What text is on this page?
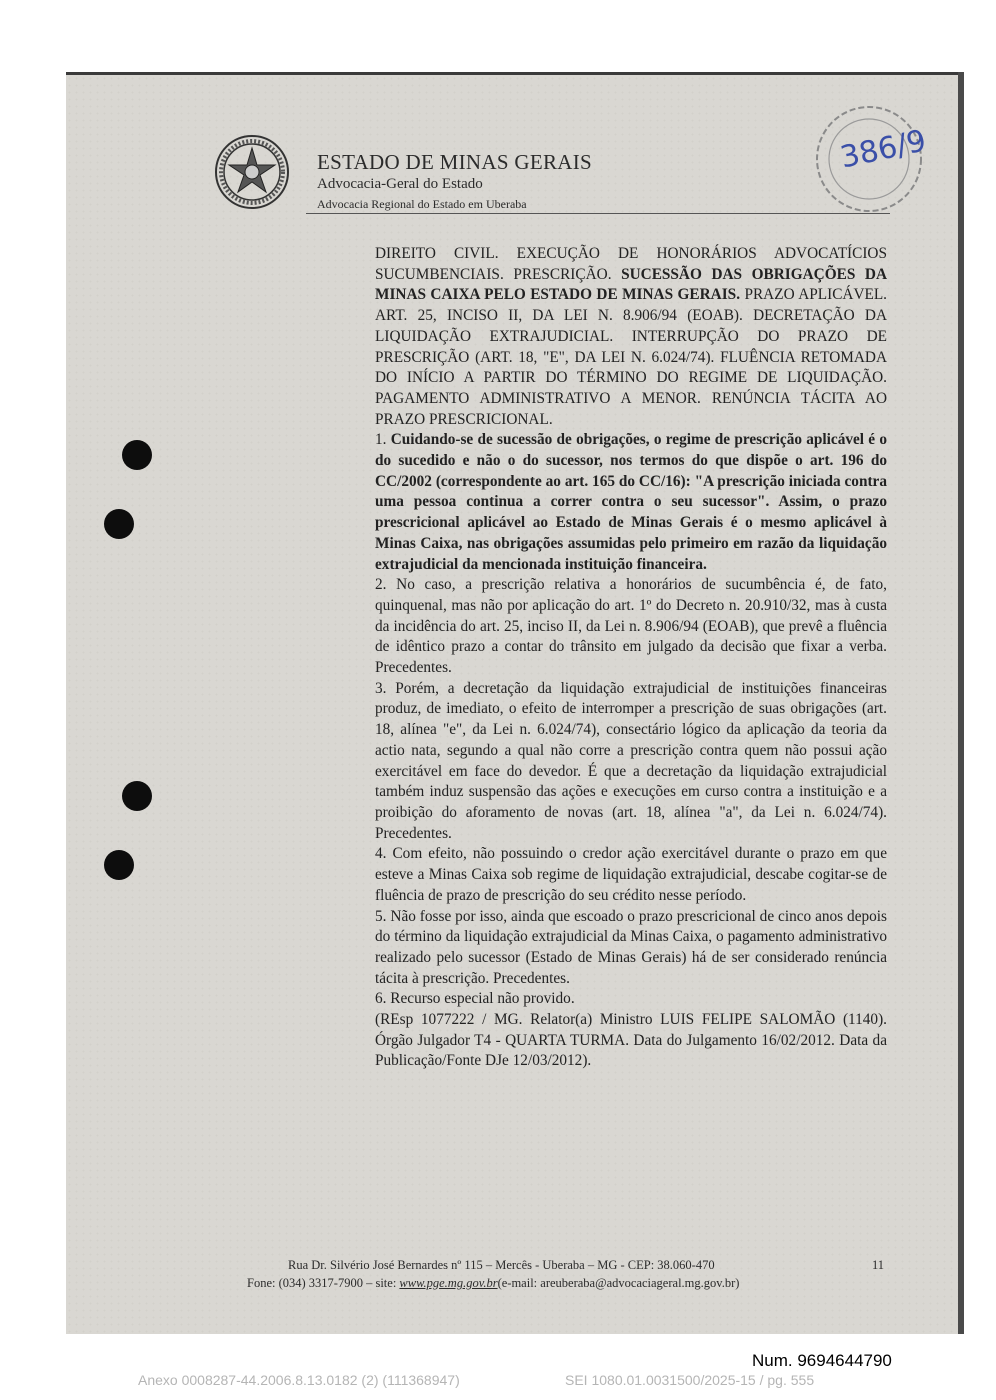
ESTADO DE MINAS GERAIS
Advocacia-Geral do Estado
Advocacia Regional do Estado em Uberaba
386/9

DIREITO CIVIL. EXECUÇÃO DE HONORÁRIOS ADVOCATÍCIOS SUCUMBENCIAIS. PRESCRIÇÃO. SUCESSÃO DAS OBRIGAÇÕES DA MINAS CAIXA PELO ESTADO DE MINAS GERAIS. PRAZO APLICÁVEL. ART. 25, INCISO II, DA LEI N. 8.906/94 (EOAB). DECRETAÇÃO DA LIQUIDAÇÃO EXTRAJUDICIAL. INTERRUPÇÃO DO PRAZO DE PRESCRIÇÃO (ART. 18, "E", DA LEI N. 6.024/74). FLUÊNCIA RETOMADA DO INÍCIO A PARTIR DO TÉRMINO DO REGIME DE LIQUIDAÇÃO. PAGAMENTO ADMINISTRATIVO A MENOR. RENÚNCIA TÁCITA AO PRAZO PRESCRICIONAL.

1. Cuidando-se de sucessão de obrigações, o regime de prescrição aplicável é o do sucedido e não o do sucessor, nos termos do que dispõe o art. 196 do CC/2002 (correspondente ao art. 165 do CC/16): "A prescrição iniciada contra uma pessoa continua a correr contra o seu sucessor". Assim, o prazo prescricional aplicável ao Estado de Minas Gerais é o mesmo aplicável à Minas Caixa, nas obrigações assumidas pelo primeiro em razão da liquidação extrajudicial da mencionada instituição financeira.

2. No caso, a prescrição relativa a honorários de sucumbência é, de fato, quinquenal, mas não por aplicação do art. 1º do Decreto n. 20.910/32, mas à custa da incidência do art. 25, inciso II, da Lei n. 8.906/94 (EOAB), que prevê a fluência de idêntico prazo a contar do trânsito em julgado da decisão que fixar a verba. Precedentes.

3. Porém, a decretação da liquidação extrajudicial de instituições financeiras produz, de imediato, o efeito de interromper a prescrição de suas obrigações (art. 18, alínea "e", da Lei n. 6.024/74), consectário lógico da aplicação da teoria da actio nata, segundo a qual não corre a prescrição contra quem não possui ação exercitável em face do devedor. É que a decretação da liquidação extrajudicial também induz suspensão das ações e execuções em curso contra a instituição e a proibição do aforamento de novas (art. 18, alínea "a", da Lei n. 6.024/74). Precedentes.

4. Com efeito, não possuindo o credor ação exercitável durante o prazo em que esteve a Minas Caixa sob regime de liquidação extrajudicial, descabe cogitar-se de fluência de prazo de prescrição do seu crédito nesse período.

5. Não fosse por isso, ainda que escoado o prazo prescricional de cinco anos depois do término da liquidação extrajudicial da Minas Caixa, o pagamento administrativo realizado pelo sucessor (Estado de Minas Gerais) há de ser considerado renúncia tácita à prescrição. Precedentes.

6. Recurso especial não provido.

(REsp 1077222 / MG. Relator(a) Ministro LUIS FELIPE SALOMÃO (1140). Órgão Julgador T4 - QUARTA TURMA. Data do Julgamento 16/02/2012. Data da Publicação/Fonte DJe 12/03/2012).

Rua Dr. Silvério José Bernardes nº 115 – Mercês - Uberaba – MG - CEP: 38.060-470	11
Fone: (034) 3317-7900 – site: www.pge.mg.gov.br(e-mail: areuberaba@advocaciageral.mg.gov.br)
Num. 9694644790
Anexo 0008287-44.2006.8.13.0182 (2) (111368947)	SEI 1080.01.0031500/2025-15 / pg. 555
